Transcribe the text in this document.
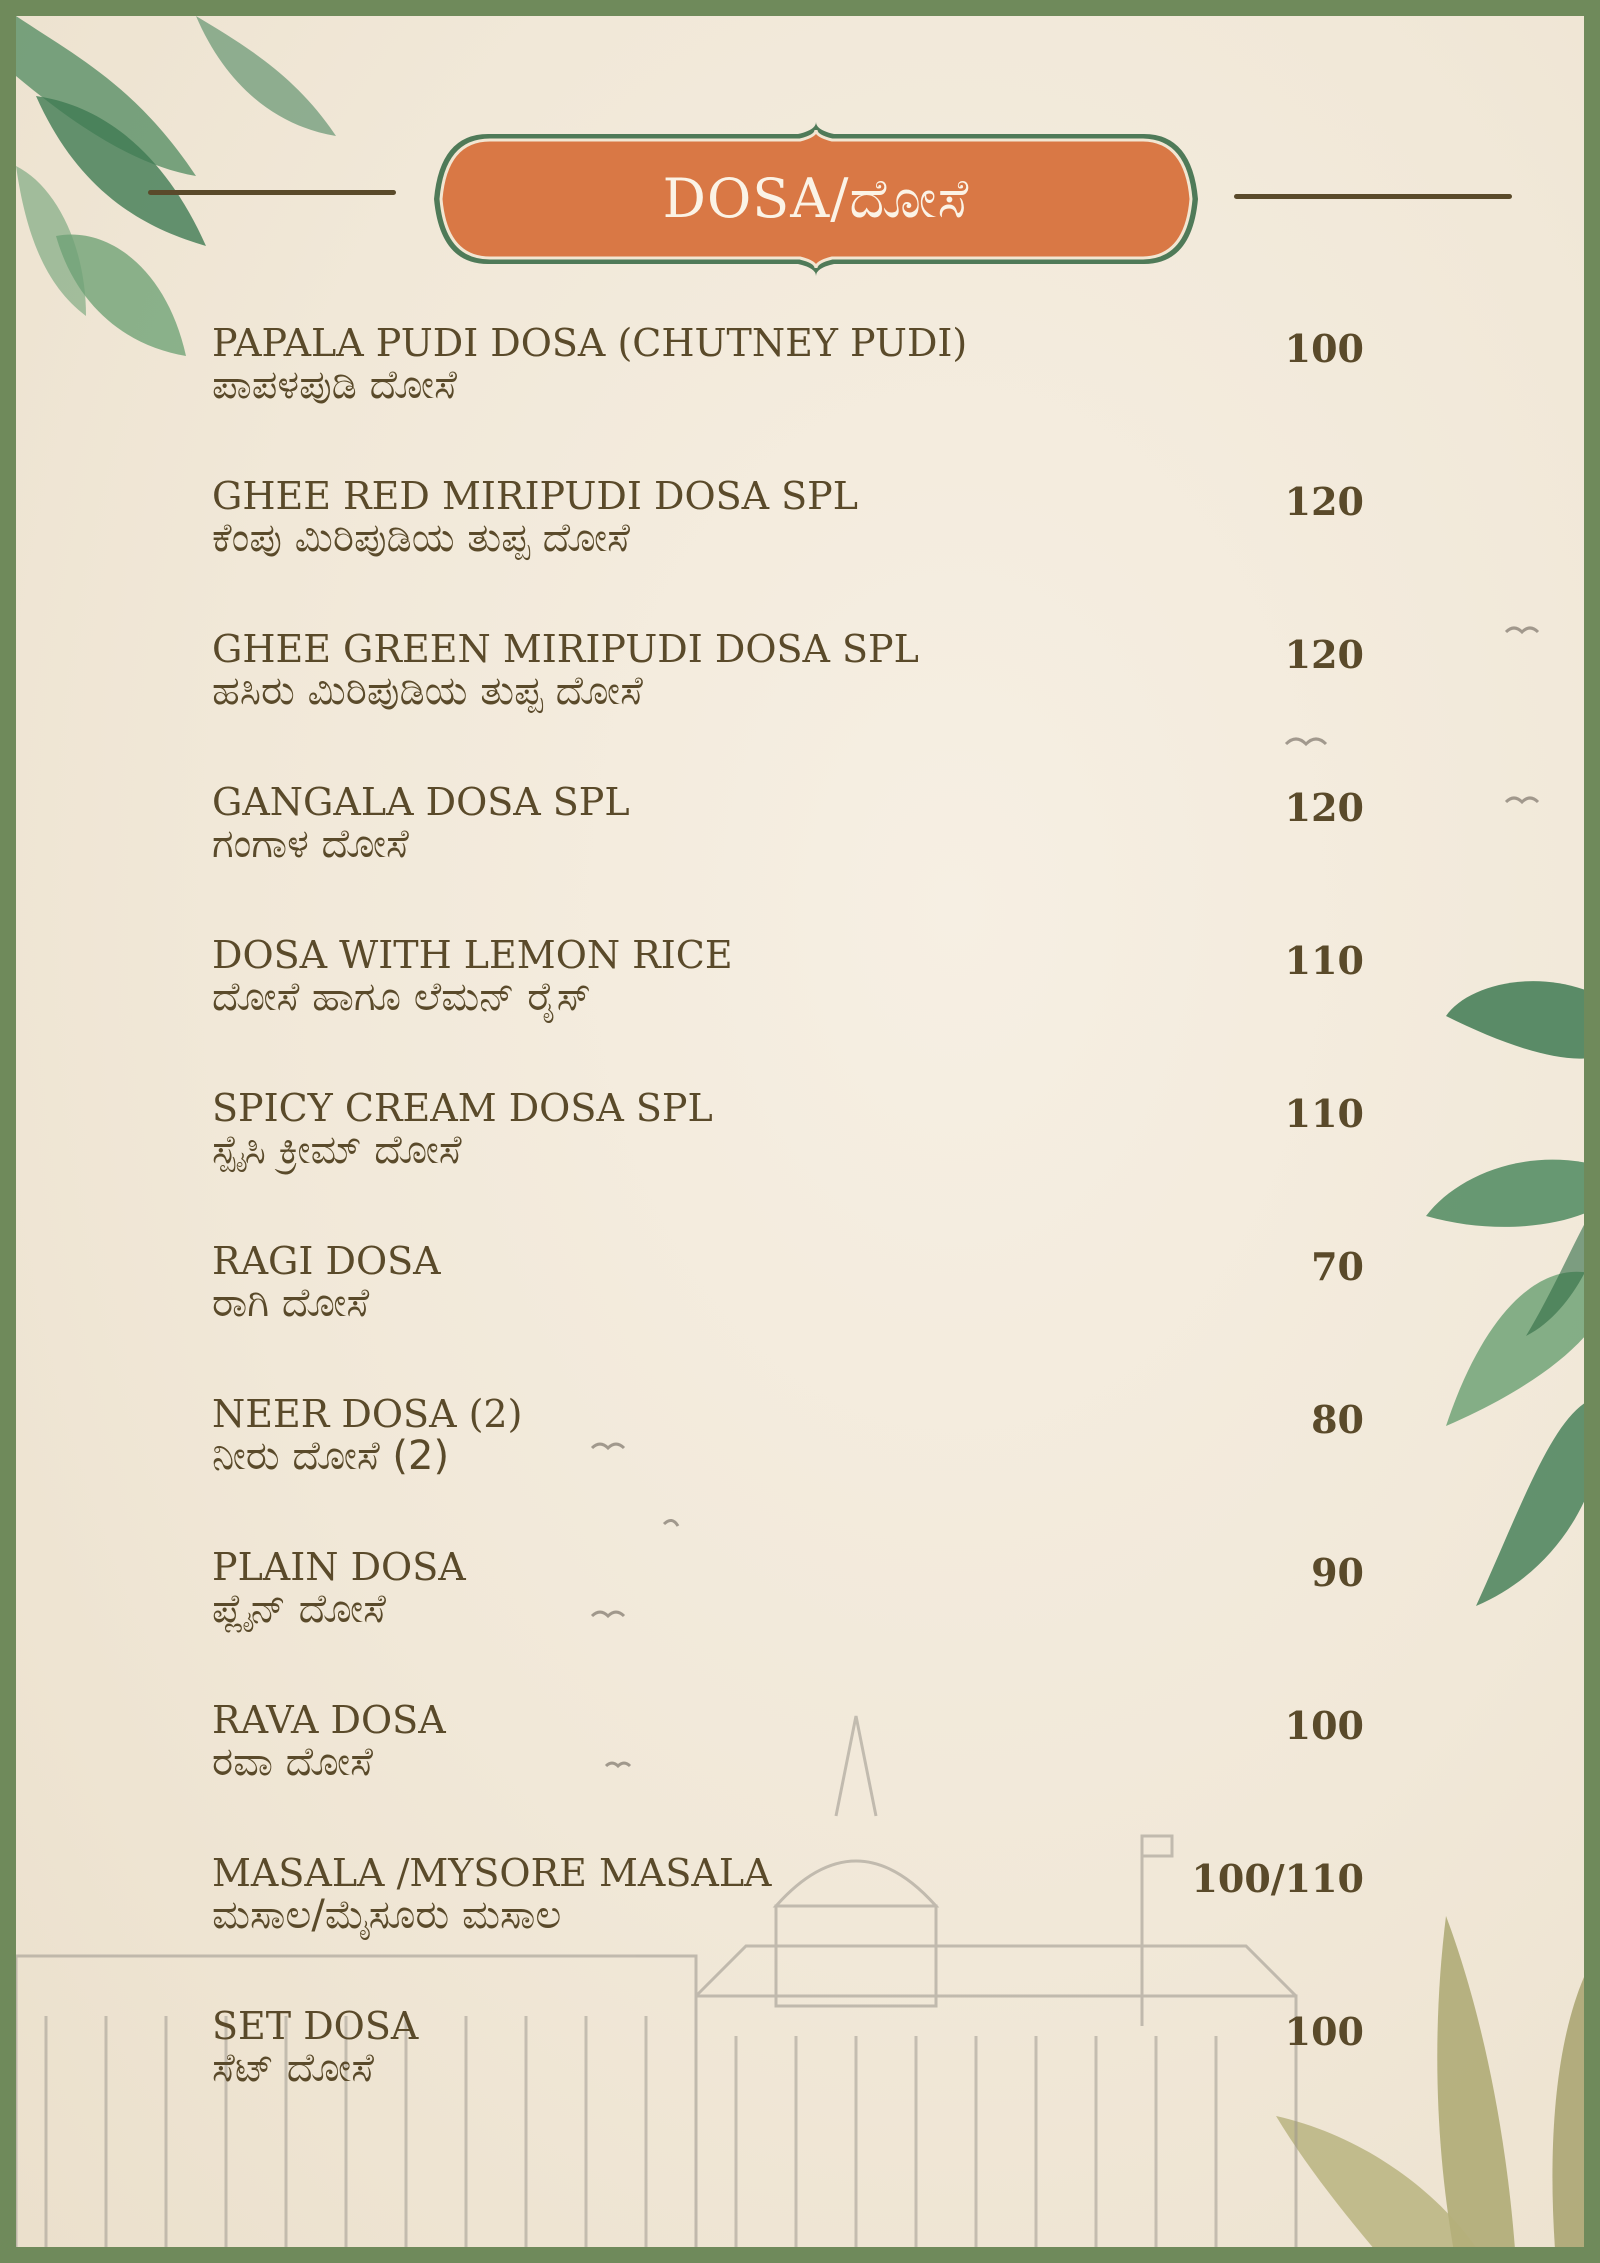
DOSA/ದೋಸೆ
PAPALA PUDI DOSA (CHUTNEY PUDI)
ಪಾಪಳಪುಡಿ ದೋಸೆ
100
GHEE RED MIRIPUDI DOSA SPL
ಕೆಂಪು ಮಿರಿಪುಡಿಯ ತುಪ್ಪ ದೋಸೆ
120
GHEE GREEN MIRIPUDI DOSA SPL
ಹಸಿರು ಮಿರಿಪುಡಿಯ ತುಪ್ಪ ದೋಸೆ
120
GANGALA DOSA SPL
ಗಂಗಾಳ ದೋಸೆ
120
DOSA WITH LEMON RICE
ದೋಸೆ ಹಾಗೂ ಲೆಮನ್ ರೈಸ್
110
SPICY CREAM DOSA SPL
ಸ್ಪೈಸಿ ಕ್ರೀಮ್ ದೋಸೆ
110
RAGI DOSA
ರಾಗಿ ದೋಸೆ
70
NEER DOSA (2)
ನೀರು ದೋಸೆ (2)
80
PLAIN DOSA
ಪ್ಲೈನ್ ದೋಸೆ
90
RAVA DOSA
ರವಾ ದೋಸೆ
100
MASALA /MYSORE MASALA
ಮಸಾಲ/ಮೈಸೂರು ಮಸಾಲ
100/110
SET DOSA
ಸೆಟ್ ದೋಸೆ
100
